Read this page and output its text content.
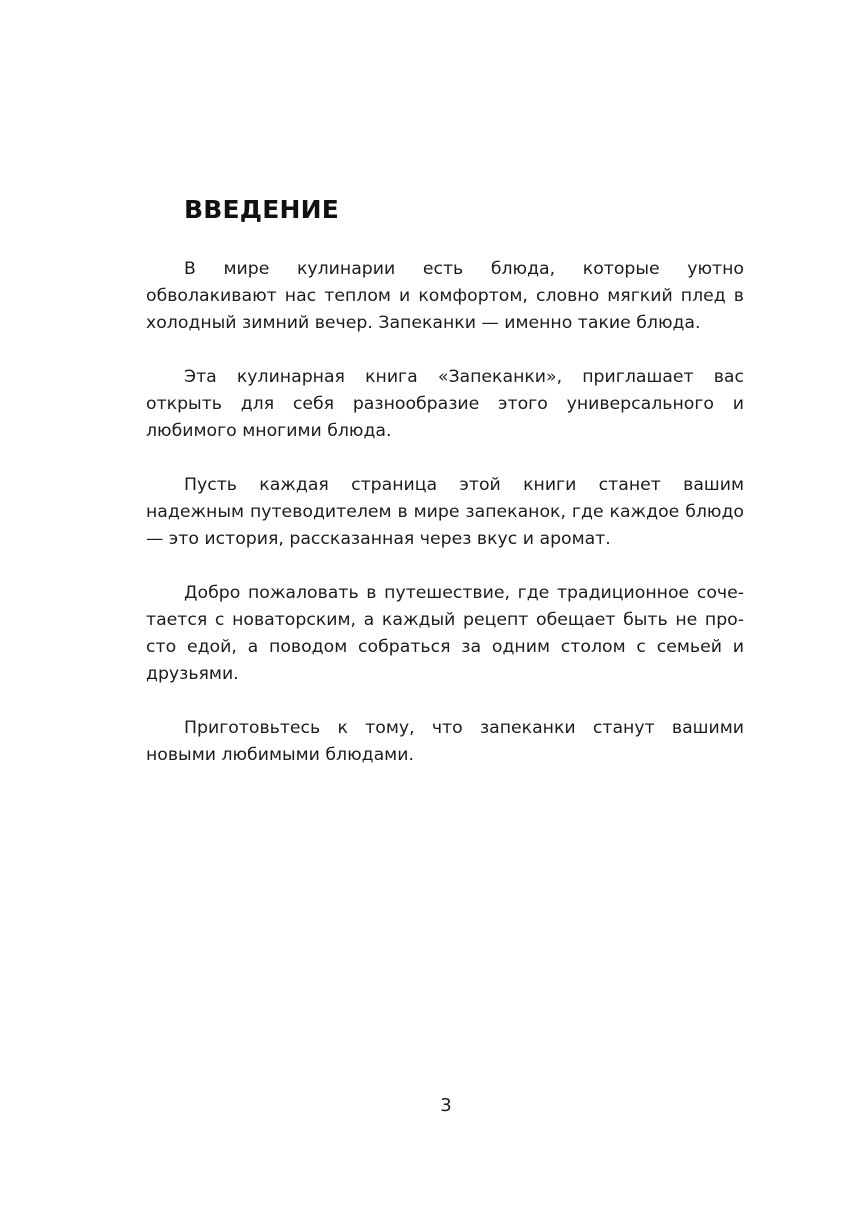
ВВЕДЕНИЕ

В мире кулинарии есть блюда, которые уютно обволакивают нас теплом и комфортом, словно мягкий плед в холодный зимний вечер. Запеканки — именно такие блюда.

Эта кулинарная книга «Запеканки», приглашает вас открыть для себя разнообразие этого универсального и любимого многими блюда.

Пусть каждая страница этой книги станет вашим надежным путеводителем в мире запеканок, где каждое блюдо — это история, рассказанная через вкус и аромат.

Добро пожаловать в путешествие, где традиционное сочетается с новаторским, а каждый рецепт обещает быть не просто едой, а поводом собраться за одним столом с семьей и друзьями.

Приготовьтесь к тому, что запеканки станут вашими новыми любимыми блюдами.

3
